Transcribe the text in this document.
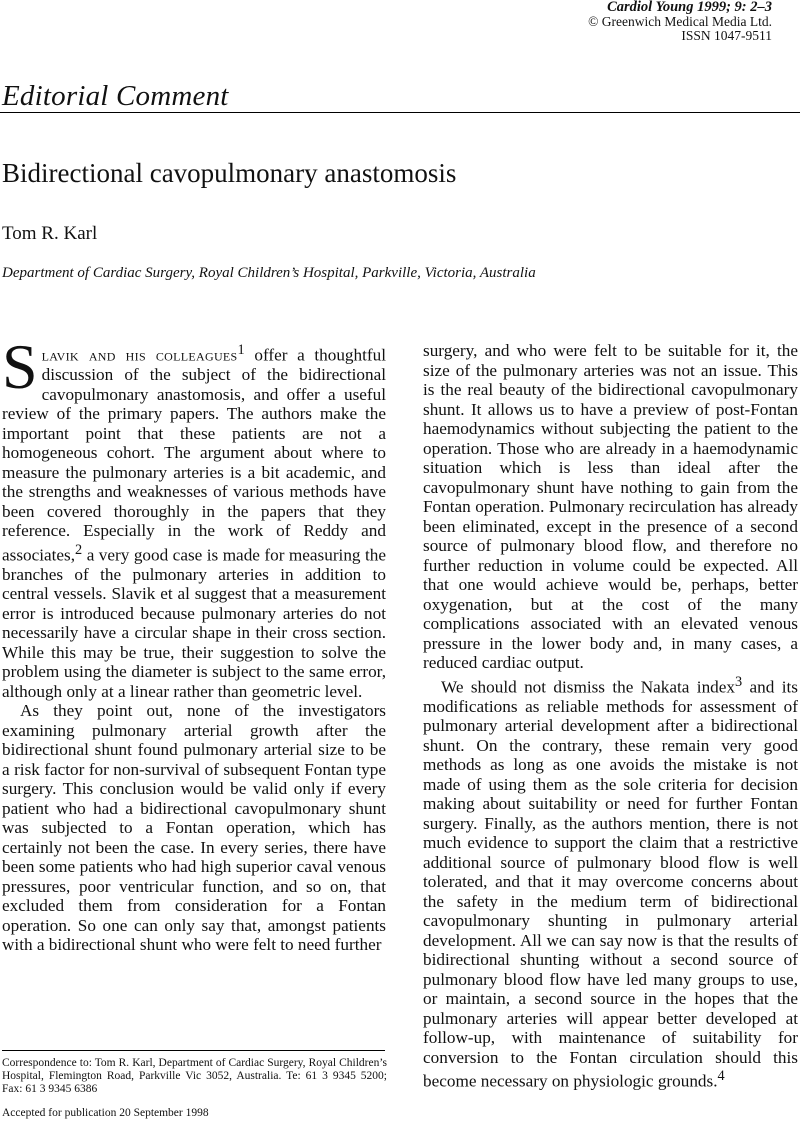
Cardiol Young 1999; 9: 2–3
© Greenwich Medical Media Ltd.
ISSN 1047-9511
Editorial Comment
Bidirectional cavopulmonary anastomosis
Tom R. Karl
Department of Cardiac Surgery, Royal Children’s Hospital, Parkville, Victoria, Australia

Slavik and his colleagues$^1$ offer a thoughtful discussion of the subject of the bidirectional cavopulmonary anastomosis, and offer a useful review of the primary papers. The authors make the important point that these patients are not a homogeneous cohort. The argument about where to measure the pulmonary arteries is a bit academic, and the strengths and weaknesses of various methods have been covered thoroughly in the papers that they reference. Especially in the work of Reddy and associates,$^2$ a very good case is made for measuring the branches of the pulmonary arteries in addition to central vessels. Slavik et al suggest that a measurement error is introduced because pulmonary arteries do not necessarily have a circular shape in their cross section. While this may be true, their suggestion to solve the problem using the diameter is subject to the same error, although only at a linear rather than geometric level.

As they point out, none of the investigators examining pulmonary arterial growth after the bidirectional shunt found pulmonary arterial size to be a risk factor for non-survival of subsequent Fontan type surgery. This conclusion would be valid only if every patient who had a bidirectional cavopulmonary shunt was subjected to a Fontan operation, which has certainly not been the case. In every series, there have been some patients who had high superior caval venous pressures, poor ventricular function, and so on, that excluded them from consideration for a Fontan operation. So one can only say that, amongst patients with a bidirectional shunt who were felt to need further

surgery, and who were felt to be suitable for it, the size of the pulmonary arteries was not an issue. This is the real beauty of the bidirectional cavopulmonary shunt. It allows us to have a preview of post-Fontan haemodynamics without subjecting the patient to the operation. Those who are already in a haemodynamic situation which is less than ideal after the cavopulmonary shunt have nothing to gain from the Fontan operation. Pulmonary recirculation has already been eliminated, except in the presence of a second source of pulmonary blood flow, and therefore no further reduction in volume could be expected. All that one would achieve would be, perhaps, better oxygenation, but at the cost of the many complications associated with an elevated venous pressure in the lower body and, in many cases, a reduced cardiac output.

We should not dismiss the Nakata index$^3$ and its modifications as reliable methods for assessment of pulmonary arterial development after a bidirectional shunt. On the contrary, these remain very good methods as long as one avoids the mistake is not made of using them as the sole criteria for decision making about suitability or need for further Fontan surgery. Finally, as the authors mention, there is not much evidence to support the claim that a restrictive additional source of pulmonary blood flow is well tolerated, and that it may overcome concerns about the safety in the medium term of bidirectional cavopulmonary shunting in pulmonary arterial development. All we can say now is that the results of bidirectional shunting without a second source of pulmonary blood flow have led many groups to use, or maintain, a second source in the hopes that the pulmonary arteries will appear better developed at follow-up, with maintenance of suitability for conversion to the Fontan circulation should this become necessary on physiologic grounds.$^4$

Correspondence to: Tom R. Karl, Department of Cardiac Surgery, Royal Children’s Hospital, Flemington Road, Parkville Vic 3052, Australia. Te: 61 3 9345 5200; Fax: 61 3 9345 6386
Accepted for publication 20 September 1998
